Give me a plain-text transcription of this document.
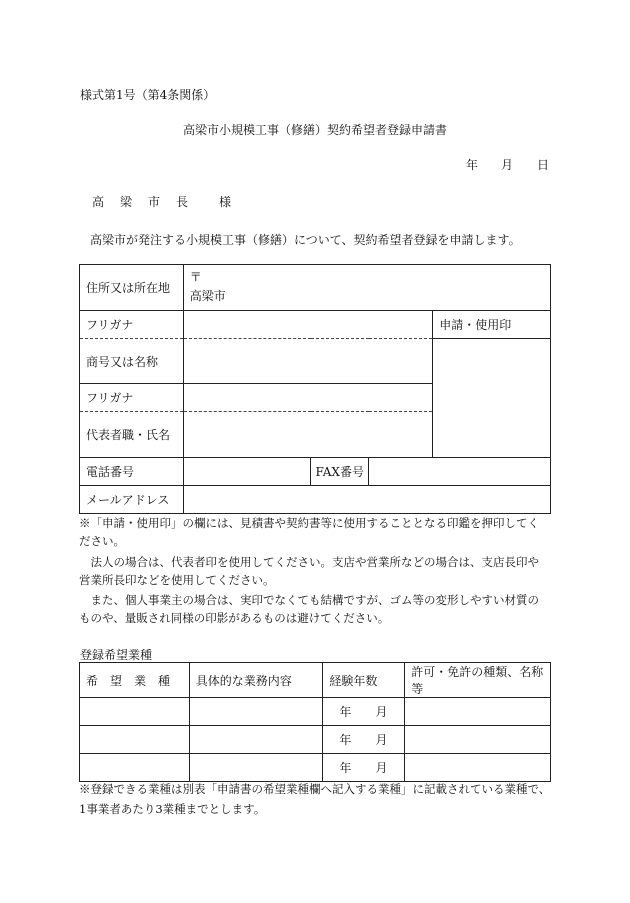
様式第1号（第4条関係）
高梁市小規模工事（修繕）契約希望者登録申請書
年 月 日
高　梁　市　長 様
高梁市が発注する小規模工事（修繕）について、契約希望者登録を申請します。
住所又は所在地	〒
高梁市			

フリガナ				申請・使用印
商号又は名称				
フリガナ				
代表者職・氏名				
電話番号		FAX番号		
メールアドレス				
※「申請・使用印」の欄には、見積書や契約書等に使用することとなる印鑑を押印してく
ださい。
　法人の場合は、代表者印を使用してください。支店や営業所などの場合は、支店長印や
営業所長印などを使用してください。
　また、個人事業主の場合は、実印でなくても結構ですが、ゴム等の変形しやすい材質の
ものや、量販され同様の印影があるものは避けてください。
登録希望業種
希　望　業　種	具体的な業務内容	経験年数	許可・免許の種類、名称等
		年 月	
		年 月	
		年 月	
※登録できる業種は別表「申請書の希望業種欄へ記入する業種」に記載されている業種で、
1事業者あたり3業種までとします。
